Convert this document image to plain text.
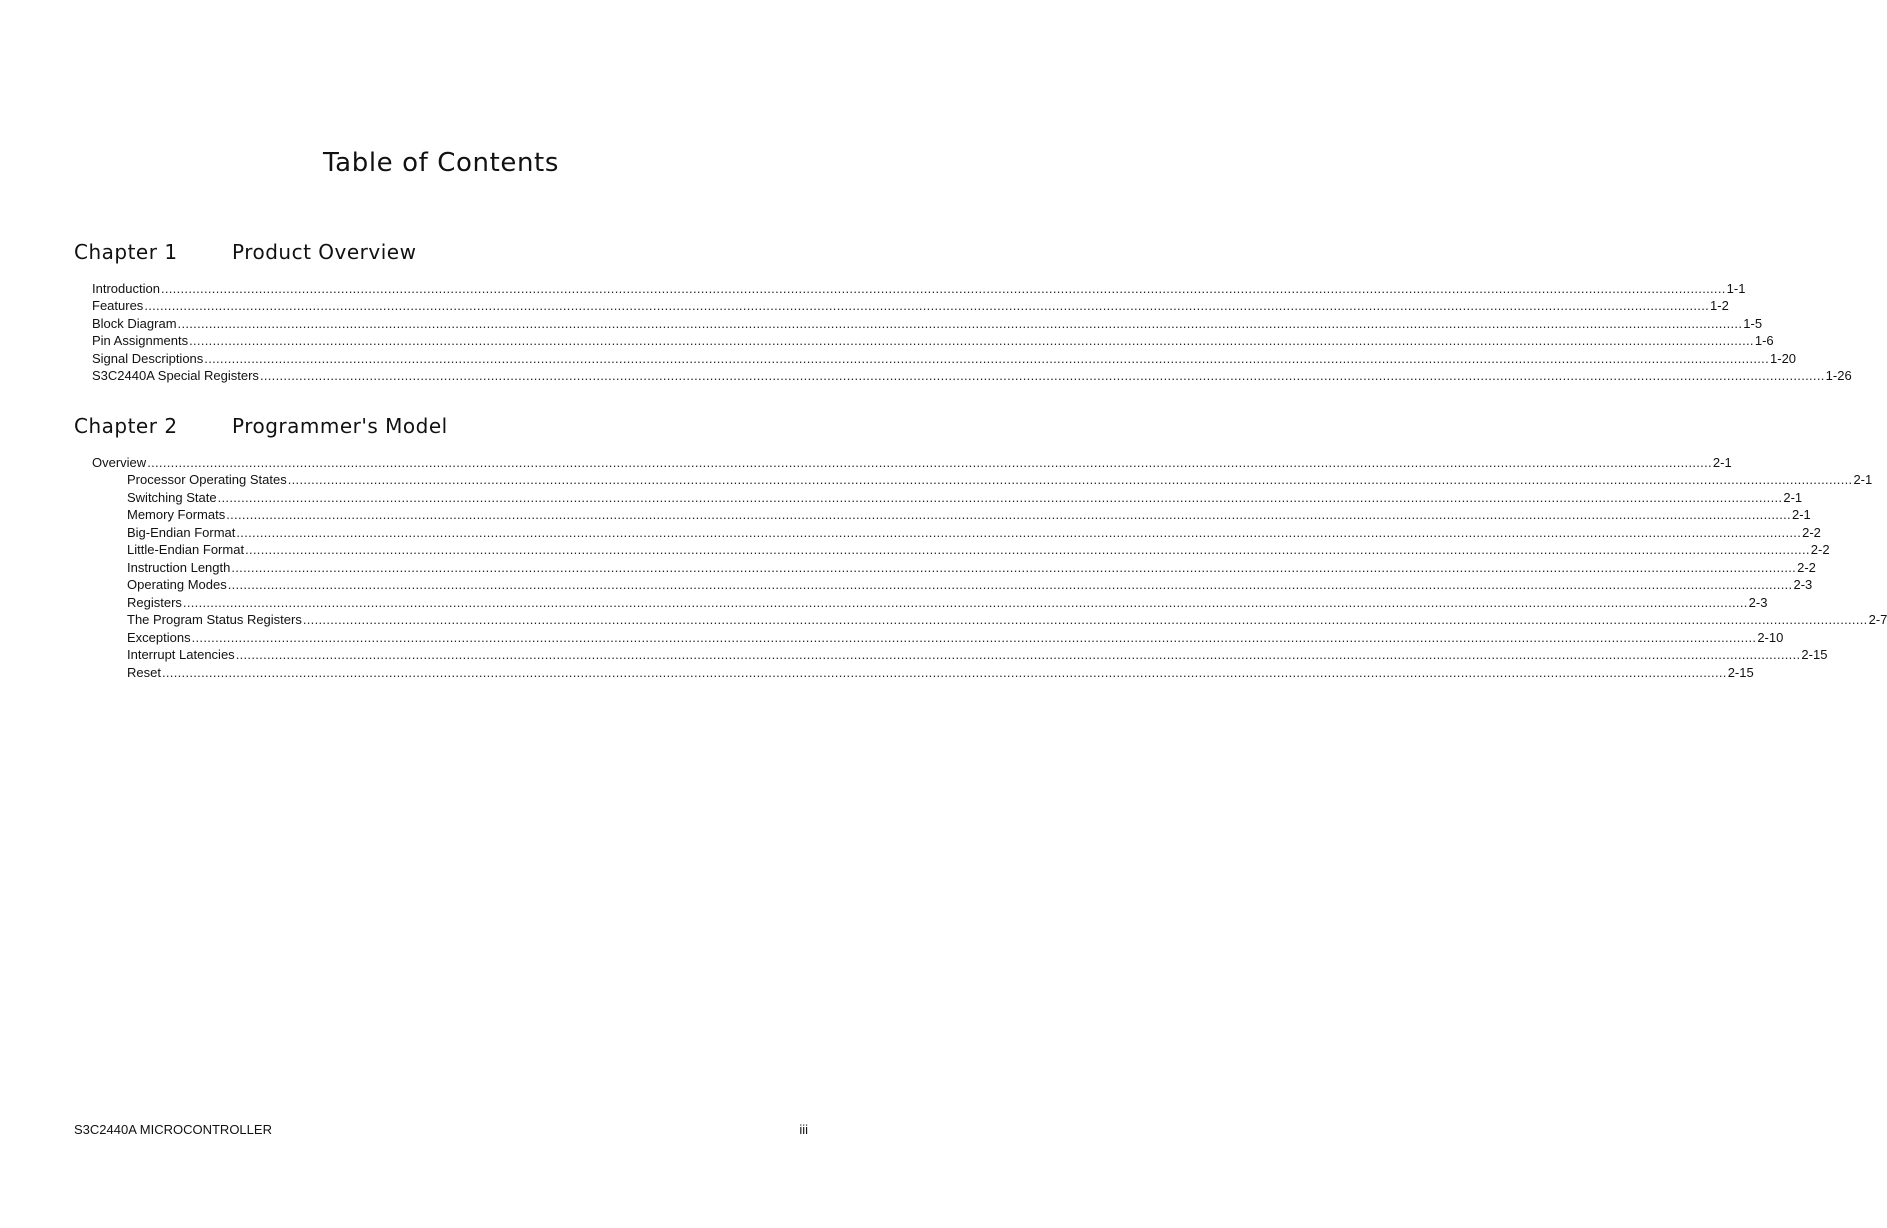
Table of Contents
Chapter 1	Product Overview
Introduction ................................................................................................................................................................................................................................................................................................................................................................................................................ 1-1
Features ................................................................................................................................................................................................................................................................................................................................................................................................................ 1-2
Block Diagram ................................................................................................................................................................................................................................................................................................................................................................................................................ 1-5
Pin Assignments ................................................................................................................................................................................................................................................................................................................................................................................................................ 1-6
Signal Descriptions ................................................................................................................................................................................................................................................................................................................................................................................................................ 1-20
S3C2440A Special Registers ................................................................................................................................................................................................................................................................................................................................................................................................................ 1-26
Chapter 2	Programmer's Model
Overview ................................................................................................................................................................................................................................................................................................................................................................................................................ 2-1
Processor Operating States ................................................................................................................................................................................................................................................................................................................................................................................................................ 2-1
Switching State ................................................................................................................................................................................................................................................................................................................................................................................................................ 2-1
Memory Formats ................................................................................................................................................................................................................................................................................................................................................................................................................ 2-1
Big-Endian Format ................................................................................................................................................................................................................................................................................................................................................................................................................ 2-2
Little-Endian Format ................................................................................................................................................................................................................................................................................................................................................................................................................ 2-2
Instruction Length ................................................................................................................................................................................................................................................................................................................................................................................................................ 2-2
Operating Modes ................................................................................................................................................................................................................................................................................................................................................................................................................ 2-3
Registers ................................................................................................................................................................................................................................................................................................................................................................................................................ 2-3
The Program Status Registers ................................................................................................................................................................................................................................................................................................................................................................................................................ 2-7
Exceptions ................................................................................................................................................................................................................................................................................................................................................................................................................ 2-10
Interrupt Latencies ................................................................................................................................................................................................................................................................................................................................................................................................................ 2-15
Reset ................................................................................................................................................................................................................................................................................................................................................................................................................ 2-15
S3C2440A MICROCONTROLLER	iii
